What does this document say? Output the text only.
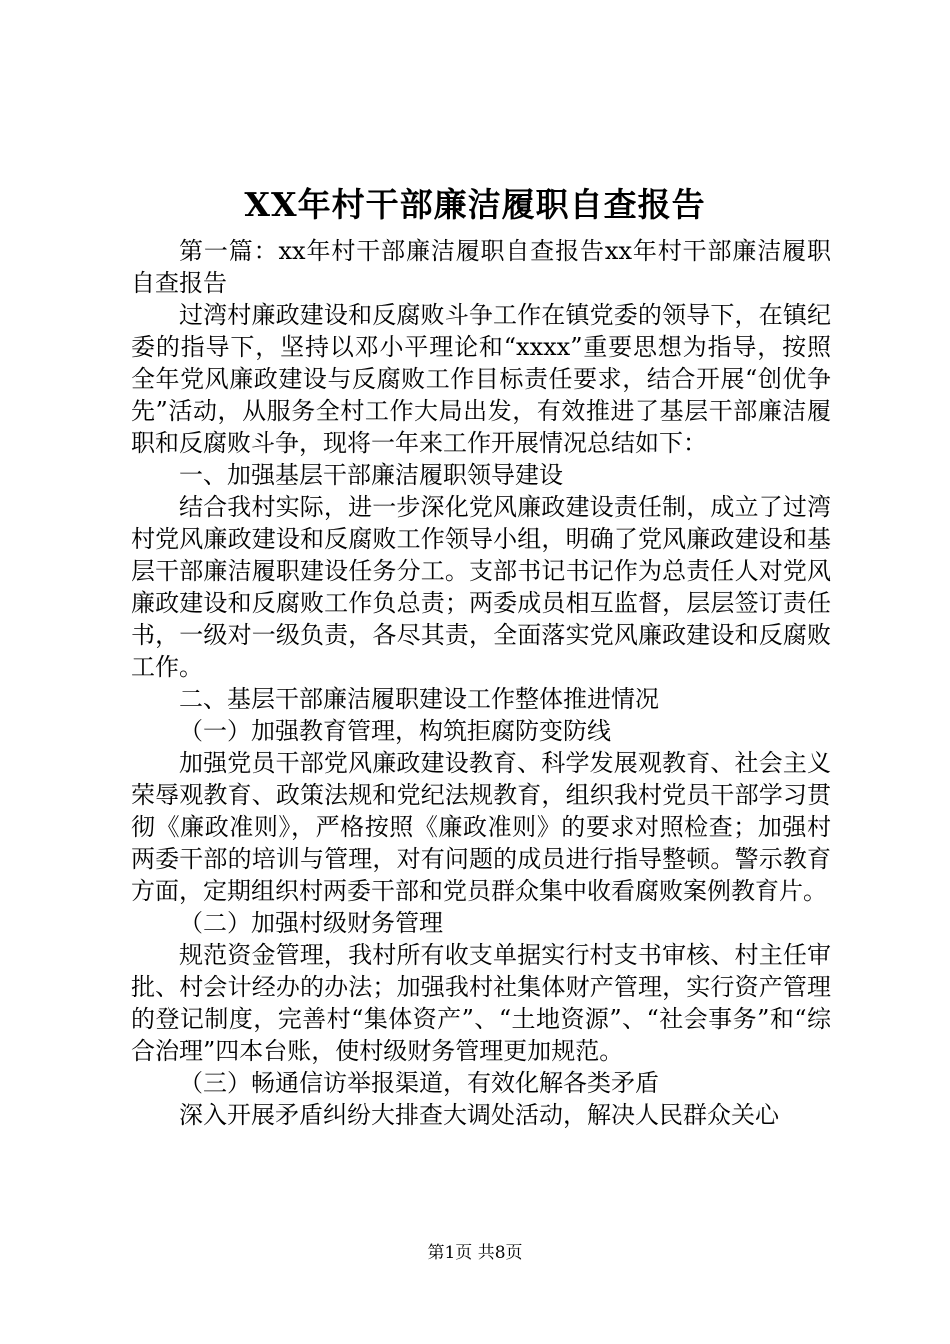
XX年村干部廉洁履职自查报告

第一篇：xx年村干部廉洁履职自查报告xx年村干部廉洁履职自查报告

过湾村廉政建设和反腐败斗争工作在镇党委的领导下，在镇纪委的指导下，坚持以邓小平理论和“xxxx”重要思想为指导，按照全年党风廉政建设与反腐败工作目标责任要求，结合开展“创优争先”活动，从服务全村工作大局出发，有效推进了基层干部廉洁履职和反腐败斗争，现将一年来工作开展情况总结如下：

一、加强基层干部廉洁履职领导建设

结合我村实际，进一步深化党风廉政建设责任制，成立了过湾村党风廉政建设和反腐败工作领导小组，明确了党风廉政建设和基层干部廉洁履职建设任务分工。支部书记书记作为总责任人对党风廉政建设和反腐败工作负总责；两委成员相互监督，层层签订责任书，一级对一级负责，各尽其责，全面落实党风廉政建设和反腐败工作。

二、基层干部廉洁履职建设工作整体推进情况

（一）加强教育管理，构筑拒腐防变防线

加强党员干部党风廉政建设教育、科学发展观教育、社会主义荣辱观教育、政策法规和党纪法规教育，组织我村党员干部学习贯彻《廉政准则》，严格按照《廉政准则》的要求对照检查；加强村两委干部的培训与管理，对有问题的成员进行指导整顿。警示教育方面，定期组织村两委干部和党员群众集中收看腐败案例教育片。

（二）加强村级财务管理

规范资金管理，我村所有收支单据实行村支书审核、村主任审批、村会计经办的办法；加强我村社集体财产管理，实行资产管理的登记制度，完善村“集体资产”、“土地资源”、“社会事务”和“综合治理”四本台账，使村级财务管理更加规范。

（三）畅通信访举报渠道，有效化解各类矛盾

深入开展矛盾纠纷大排查大调处活动，解决人民群众关心

第1页 共8页
